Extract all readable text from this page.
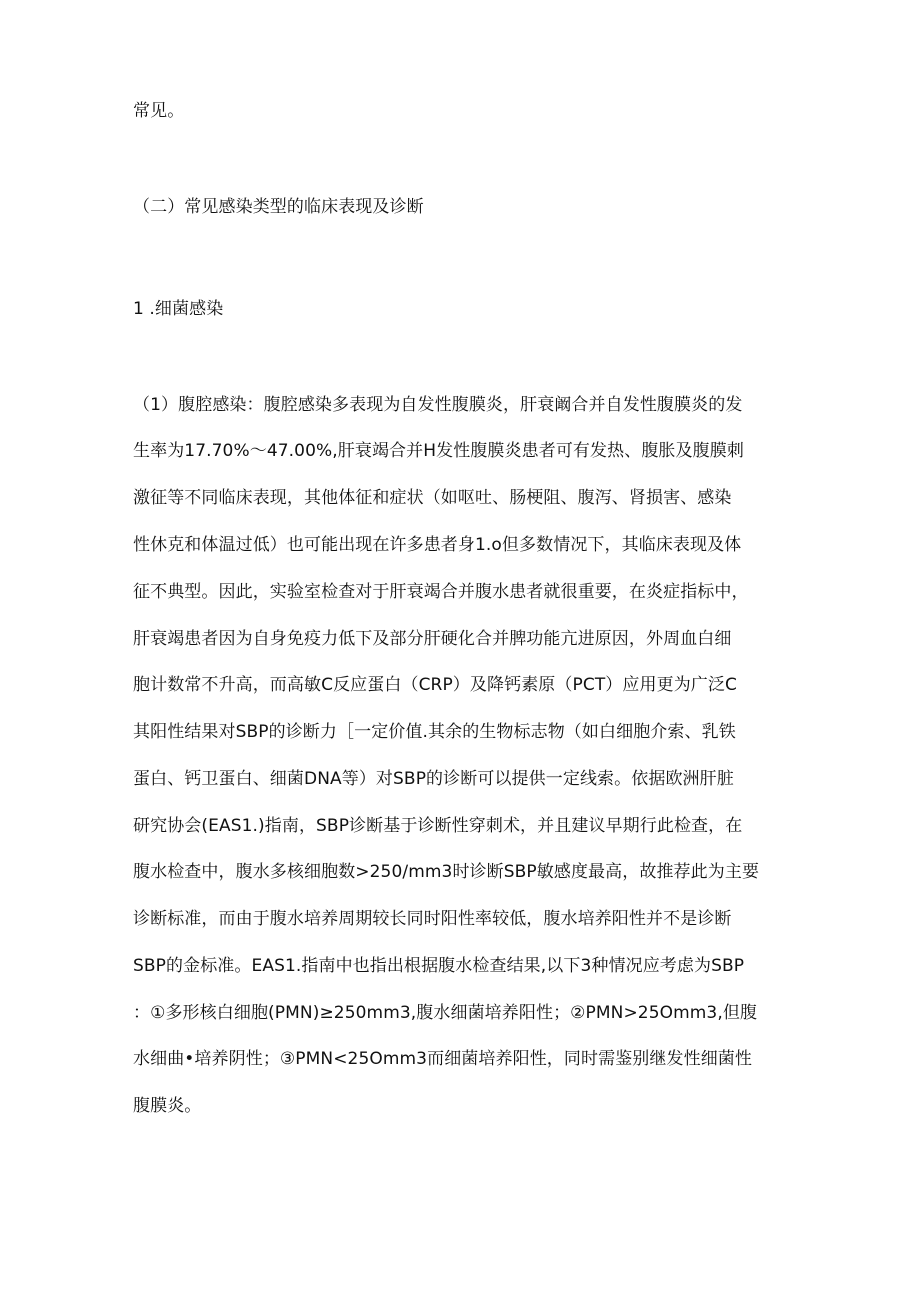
常见。

（二）常见感染类型的临床表现及诊断

1 .细菌感染

（1）腹腔感染：腹腔感染多表现为自发性腹膜炎，肝衰阚合并自发性腹膜炎的发

生率为17.70%～47.00%,肝衰竭合并H发性腹膜炎患者可有发热、腹胀及腹膜刺

激征等不同临床表现，其他体征和症状（如呕吐、肠梗阻、腹泻、肾损害、感染

性休克和体温过低）也可能出现在许多患者身1.o但多数情况下，其临床表现及体

征不典型。因此，实验室检查对于肝衰竭合并腹水患者就很重要，在炎症指标中，

肝衰竭患者因为自身免疫力低下及部分肝硬化合并脾功能亢进原因，外周血白细

胞计数常不升高，而高敏C反应蛋白（CRP）及降钙素原（PCT）应用更为广泛C

其阳性结果对SBP的诊断力［一定价值.其余的生物标志物（如白细胞介索、乳铁

蛋白、钙卫蛋白、细菌DNA等）对SBP的诊断可以提供一定线索。依据欧洲肝脏

研究协会(EAS1.)指南，SBP诊断基于诊断性穿刺术，并且建议早期行此检查，在

腹水检查中，腹水多核细胞数>250∕mm3时诊断SBP敏感度最高，故推荐此为主要

诊断标准，而由于腹水培养周期较长同时阳性率较低，腹水培养阳性并不是诊断

SBP的金标准。EAS1.指南中也指出根据腹水检查结果,以下3种情况应考虑为SBP

：①多形核白细胞(PMN)≥250mm3,腹水细菌培养阳性；②PMN>25Omm3,但腹

水细曲•培养阴性；③PMN<25Omm3而细菌培养阳性，同时需鉴别继发性细菌性

腹膜炎。
